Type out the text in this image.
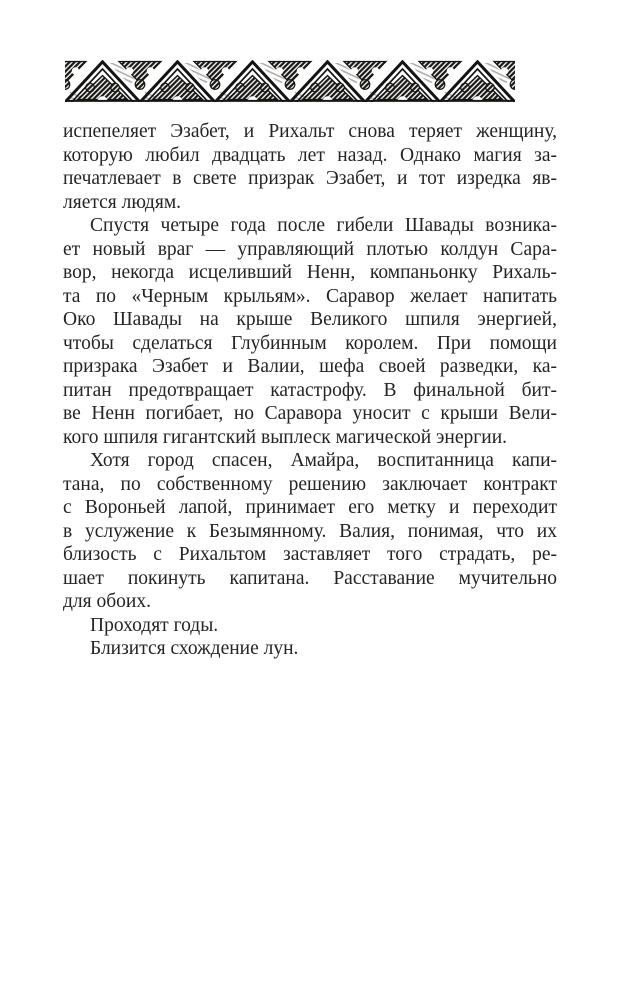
испепеляет Эзабет, и Рихальт снова теряет женщину,
которую любил двадцать лет назад. Однако магия за-
печатлевает в свете призрак Эзабет, и тот изредка яв-
ляется людям.
Спустя четыре года после гибели Шавады возника-
ет новый враг — управляющий плотью колдун Сара-
вор, некогда исцеливший Ненн, компаньонку Рихаль-
та по «Черным крыльям». Саравор желает напитать
Око Шавады на крыше Великого шпиля энергией,
чтобы сделаться Глубинным королем. При помощи
призрака Эзабет и Валии, шефа своей разведки, ка-
питан предотвращает катастрофу. В финальной бит-
ве Ненн погибает, но Саравора уносит с крыши Вели-
кого шпиля гигантский выплеск магической энергии.
Хотя город спасен, Амайра, воспитанница капи-
тана, по собственному решению заключает контракт
с Вороньей лапой, принимает его метку и переходит
в услужение к Безымянному. Валия, понимая, что их
близость с Рихальтом заставляет того страдать, ре-
шает покинуть капитана. Расставание мучительно
для обоих.
Проходят годы.
Близится схождение лун.
